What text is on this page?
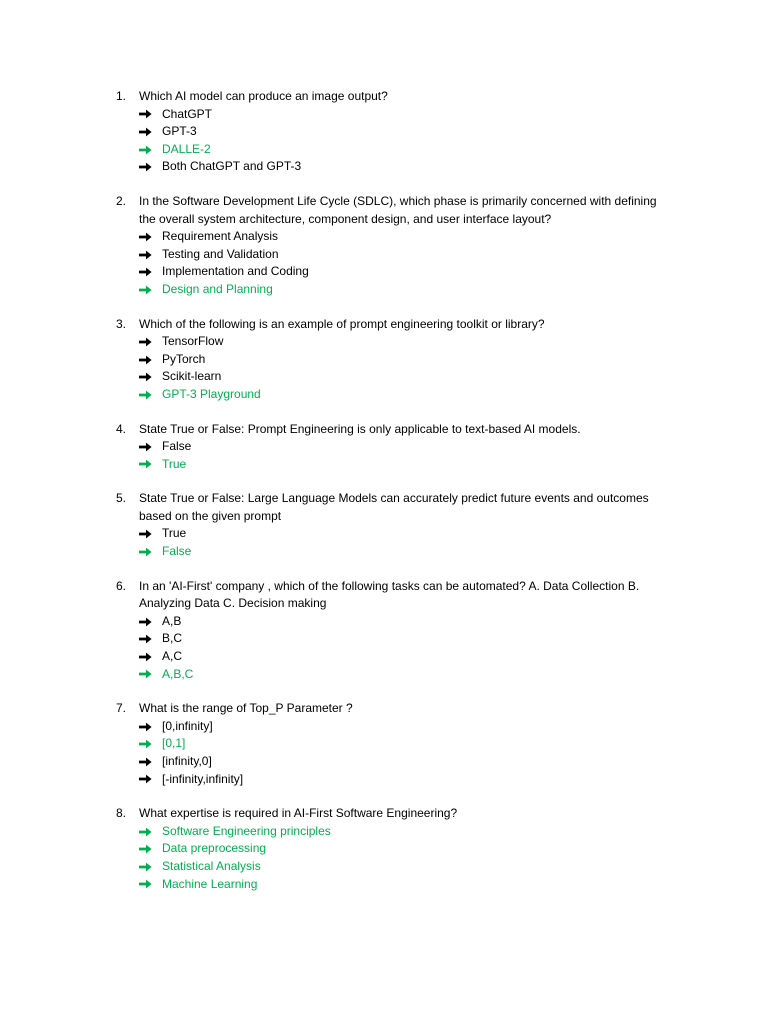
1.	Which AI model can produce an image output?
ChatGPT
GPT-3
DALLE-2
Both ChatGPT and GPT-3
2.	In the Software Development Life Cycle (SDLC), which phase is primarily concerned with defining the overall system architecture, component design, and user interface layout?
Requirement Analysis
Testing and Validation
Implementation and Coding
Design and Planning
3.	Which of the following is an example of prompt engineering toolkit or library?
TensorFlow
PyTorch
Scikit-learn
GPT-3 Playground
4.	State True or False: Prompt Engineering is only applicable to text-based AI models.
False
True
5.	State True or False: Large Language Models can accurately predict future events and outcomes based on the given prompt
True
False
6.	In an 'AI-First' company , which of the following tasks can be automated? A. Data Collection B. Analyzing Data C. Decision making
A,B
B,C
A,C
A,B,C
7.	What is the range of Top_P Parameter ?
[0,infinity]
[0,1]
[infinity,0]
[-infinity,infinity]
8.	What expertise is required in AI-First Software Engineering?
Software Engineering principles
Data preprocessing
Statistical Analysis
Machine Learning
